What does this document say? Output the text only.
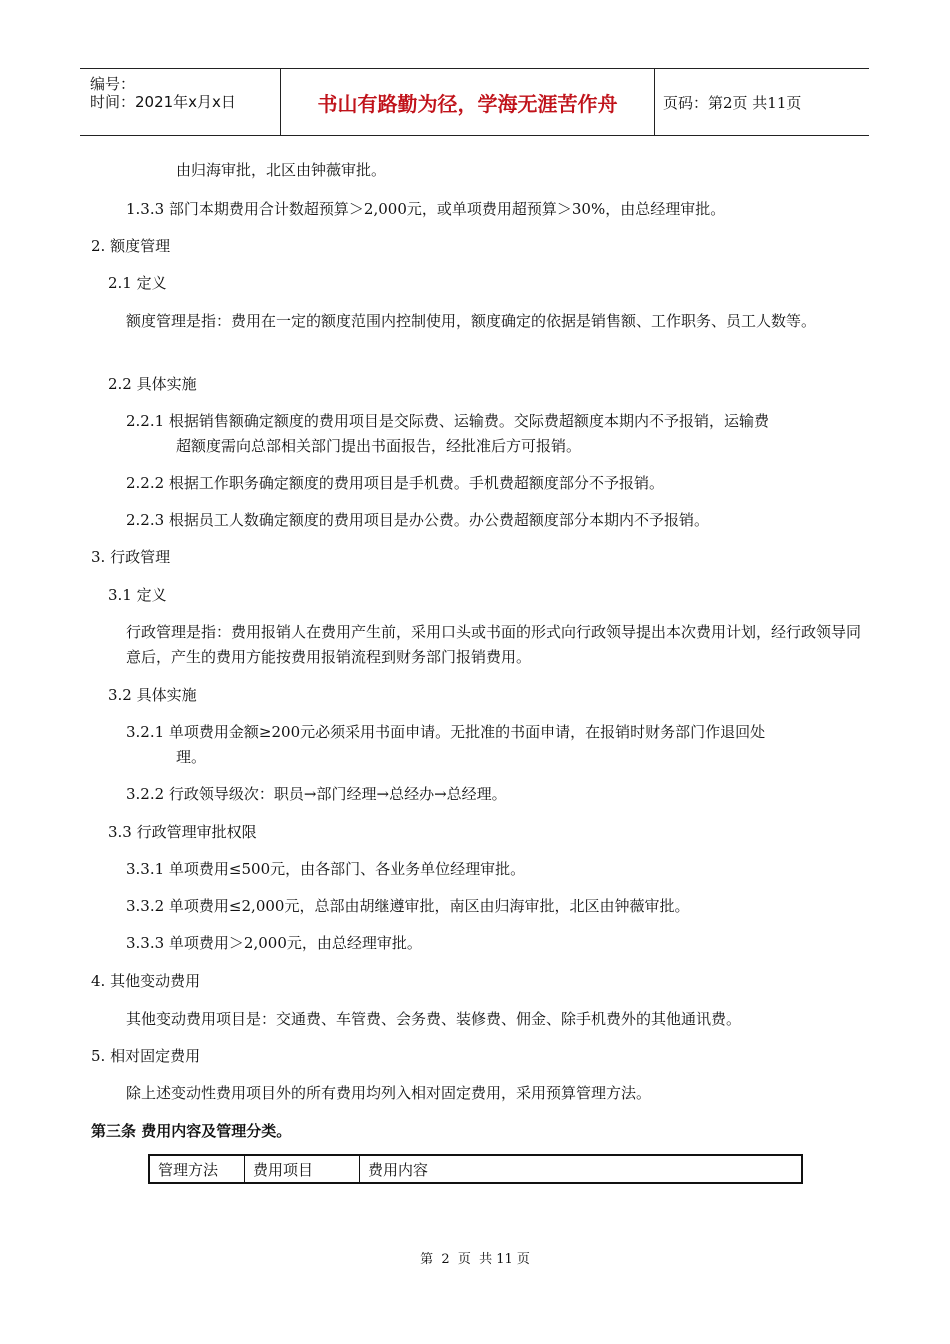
编号：
时间：2021年x月x日	书山有路勤为径，学海无涯苦作舟	页码：第2页 共11页
由归海审批，北区由钟薇审批。
1.3.3 部门本期费用合计数超预算＞2,000元，或单项费用超预算＞30%，由总经理审批。
2. 额度管理
2.1 定义
额度管理是指：费用在一定的额度范围内控制使用，额度确定的依据是销售额、工作职务、员工人数等。
2.2 具体实施
2.2.1 根据销售额确定额度的费用项目是交际费、运输费。交际费超额度本期内不予报销，运输费
超额度需向总部相关部门提出书面报告，经批准后方可报销。
2.2.2 根据工作职务确定额度的费用项目是手机费。手机费超额度部分不予报销。
2.2.3 根据员工人数确定额度的费用项目是办公费。办公费超额度部分本期内不予报销。
3. 行政管理
3.1 定义
行政管理是指：费用报销人在费用产生前，采用口头或书面的形式向行政领导提出本次费用计划，经行政领导同意后，产生的费用方能按费用报销流程到财务部门报销费用。
3.2 具体实施
3.2.1 单项费用金额≥200元必须采用书面申请。无批准的书面申请，在报销时财务部门作退回处
理。
3.2.2 行政领导级次：职员→部门经理→总经办→总经理。
3.3 行政管理审批权限
3.3.1 单项费用≤500元，由各部门、各业务单位经理审批。
3.3.2 单项费用≤2,000元，总部由胡继遵审批，南区由归海审批，北区由钟薇审批。
3.3.3 单项费用＞2,000元，由总经理审批。
4. 其他变动费用
其他变动费用项目是：交通费、车管费、会务费、装修费、佣金、除手机费外的其他通讯费。
5. 相对固定费用
除上述变动性费用项目外的所有费用均列入相对固定费用，采用预算管理方法。
第三条 费用内容及管理分类。
管理方法	费用项目	费用内容
第  2  页  共 11 页
